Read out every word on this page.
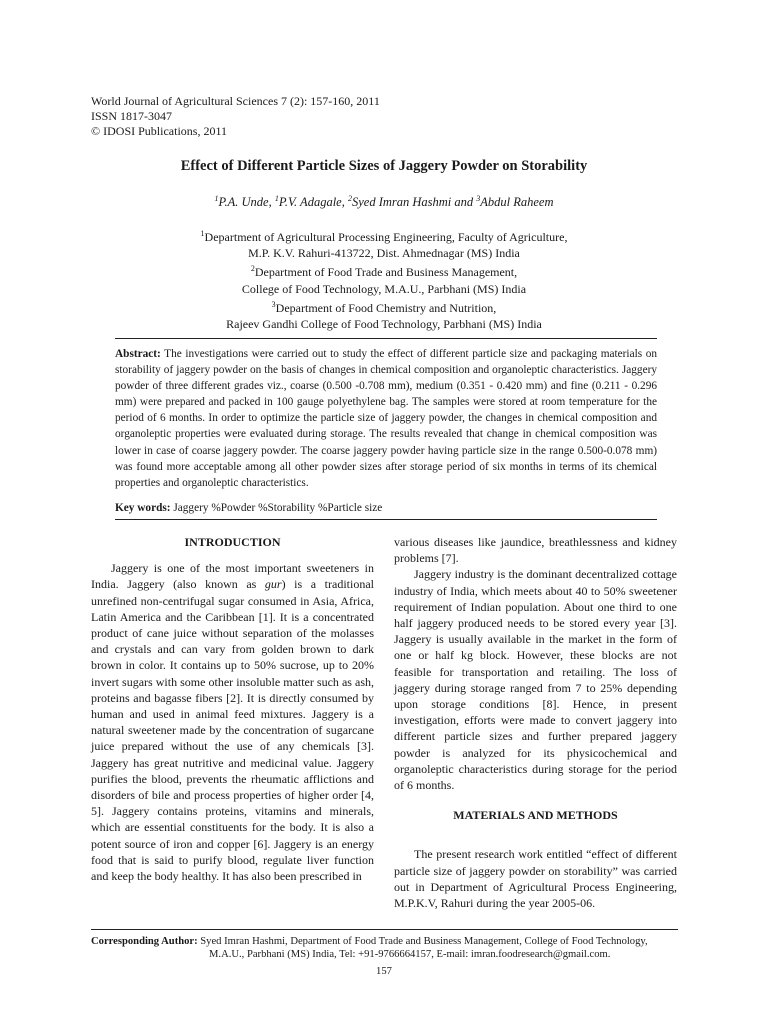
World Journal of Agricultural Sciences 7 (2): 157-160, 2011
ISSN 1817-3047
© IDOSI Publications, 2011
Effect of Different Particle Sizes of Jaggery Powder on Storability
$^1$P.A. Unde, $^1$P.V. Adagale, $^2$Syed Imran Hashmi and $^3$Abdul Raheem
$^1$Department of Agricultural Processing Engineering, Faculty of Agriculture,
M.P. K.V. Rahuri-413722, Dist. Ahmednagar (MS) India
$^2$Department of Food Trade and Business Management,
College of Food Technology, M.A.U., Parbhani (MS) India
$^3$Department of Food Chemistry and Nutrition,
Rajeev Gandhi College of Food Technology, Parbhani (MS) India
Abstract: The investigations were carried out to study the effect of different particle size and packaging materials on storability of jaggery powder on the basis of changes in chemical composition and organoleptic characteristics. Jaggery powder of three different grades viz., coarse (0.500 -0.708 mm), medium (0.351 - 0.420 mm) and fine (0.211 - 0.296 mm) were prepared and packed in 100 gauge polyethylene bag. The samples were stored at room temperature for the period of 6 months. In order to optimize the particle size of jaggery powder, the changes in chemical composition and organoleptic properties were evaluated during storage. The results revealed that change in chemical composition was lower in case of coarse jaggery powder. The coarse jaggery powder having particle size in the range 0.500-0.078 mm) was found more acceptable among all other powder sizes after storage period of six months in terms of its chemical properties and organoleptic characteristics.
Key words: Jaggery %Powder %Storability %Particle size
INTRODUCTION

Jaggery is one of the most important sweeteners in India. Jaggery (also known as gur) is a traditional unrefined non-centrifugal sugar consumed in Asia, Africa, Latin America and the Caribbean [1]. It is a concentrated product of cane juice without separation of the molasses and crystals and can vary from golden brown to dark brown in color. It contains up to 50% sucrose, up to 20% invert sugars with some other insoluble matter such as ash, proteins and bagasse fibers [2]. It is directly consumed by human and used in animal feed mixtures. Jaggery is a natural sweetener made by the concentration of sugarcane juice prepared without the use of any chemicals [3]. Jaggery has great nutritive and medicinal value. Jaggery purifies the blood, prevents the rheumatic afflictions and disorders of bile and process properties of higher order [4, 5]. Jaggery contains proteins, vitamins and minerals, which are essential constituents for the body. It is also a potent source of iron and copper [6]. Jaggery is an energy food that is said to purify blood, regulate liver function and keep the body healthy. It has also been prescribed in

various diseases like jaundice, breathlessness and kidney problems [7].

Jaggery industry is the dominant decentralized cottage industry of India, which meets about 40 to 50% sweetener requirement of Indian population. About one third to one half jaggery produced needs to be stored every year [3]. Jaggery is usually available in the market in the form of one or half kg block. However, these blocks are not feasible for transportation and retailing. The loss of jaggery during storage ranged from 7 to 25% depending upon storage conditions [8]. Hence, in present investigation, efforts were made to convert jaggery into different particle sizes and further prepared jaggery powder is analyzed for its physicochemical and organoleptic characteristics during storage for the period of 6 months.

MATERIALS AND METHODS

The present research work entitled “effect of different particle size of jaggery powder on storability” was carried out in Department of Agricultural Process Engineering, M.P.K.V, Rahuri during the year 2005-06.

Corresponding Author: Syed Imran Hashmi, Department of Food Trade and Business Management, College of Food Technology,
M.A.U., Parbhani (MS) India, Tel: +91-9766664157, E-mail: imran.foodresearch@gmail.com.
157
